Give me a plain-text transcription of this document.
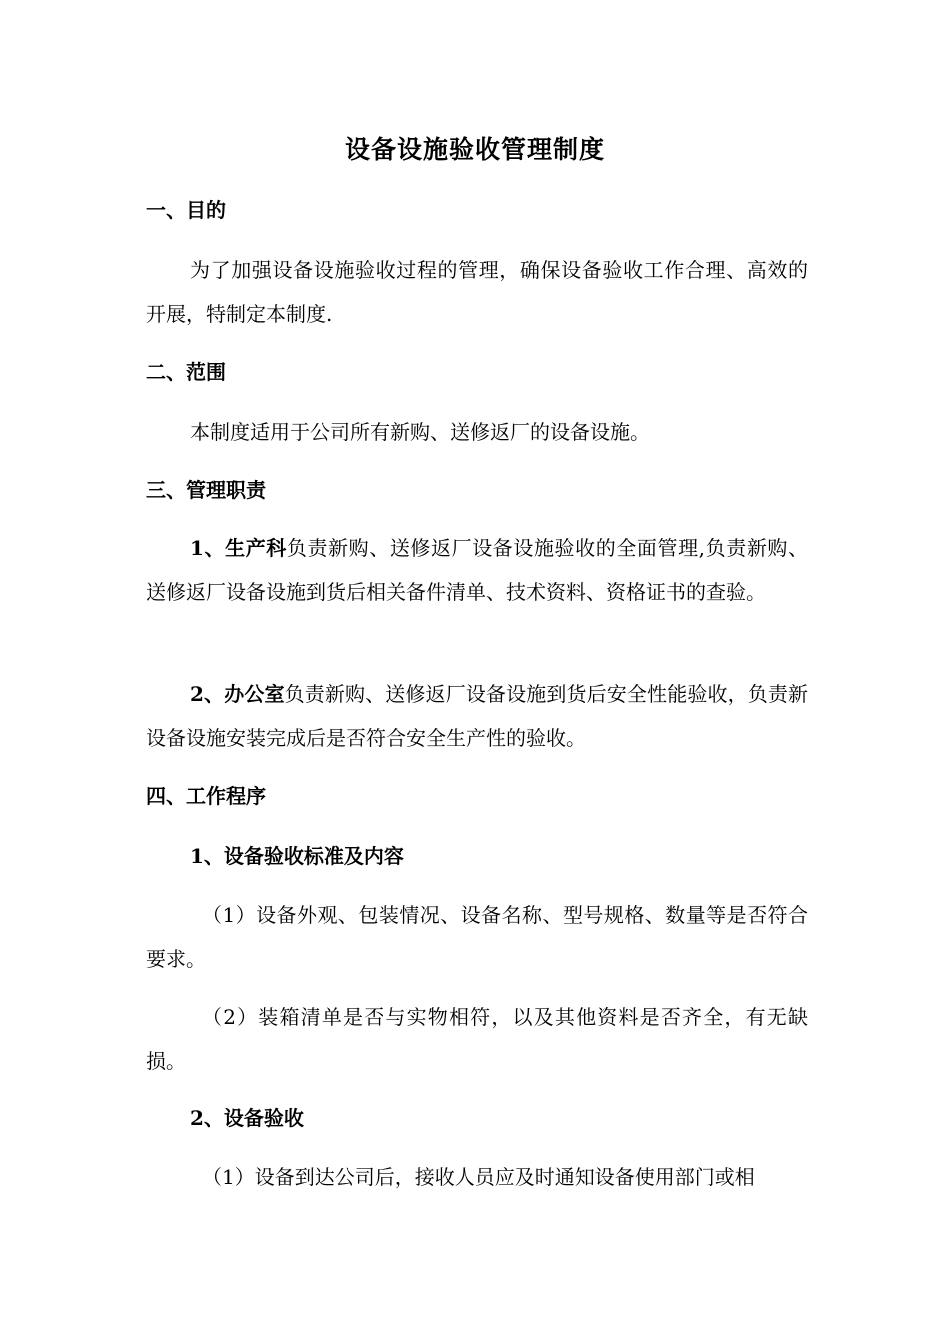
设备设施验收管理制度
一、目的
为了加强设备设施验收过程的管理，确保设备验收工作合理、高效的开展，特制定本制度.
二、范围
本制度适用于公司所有新购、送修返厂的设备设施。
三、管理职责
1、生产科负责新购、送修返厂设备设施验收的全面管理,负责新购、送修返厂设备设施到货后相关备件清单、技术资料、资格证书的查验。
2、办公室负责新购、送修返厂设备设施到货后安全性能验收，负责新设备设施安装完成后是否符合安全生产性的验收。
四、工作程序
1、设备验收标准及内容
（1）设备外观、包装情况、设备名称、型号规格、数量等是否符合要求。
（2）装箱清单是否与实物相符，以及其他资料是否齐全，有无缺损。
2、设备验收
（1）设备到达公司后，接收人员应及时通知设备使用部门或相
